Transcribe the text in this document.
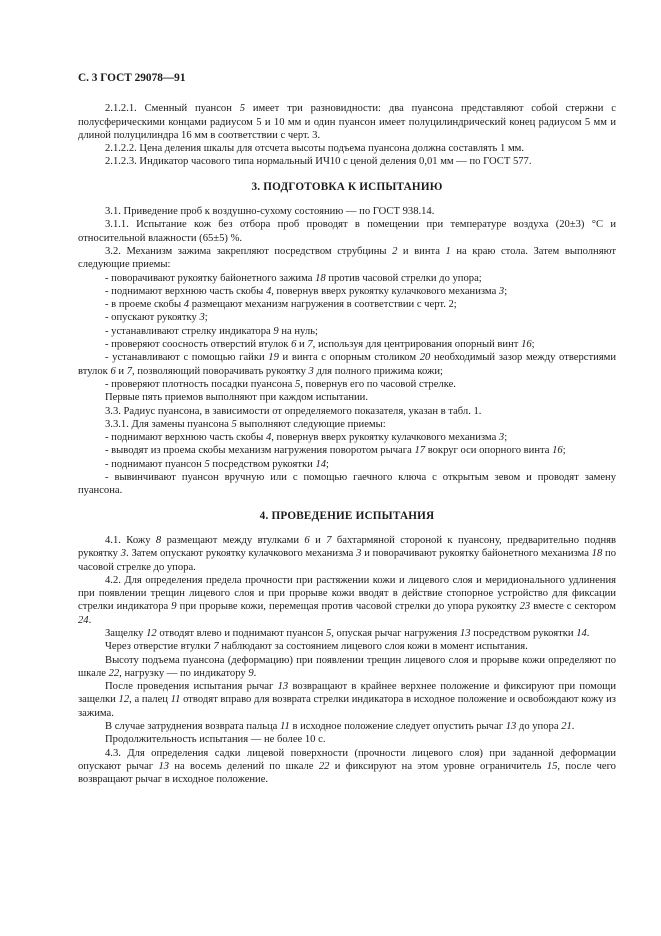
С. 3 ГОСТ 29078—91

2.1.2.1. Сменный пуансон 5 имеет три разновидности: два пуансона представляют собой стержни с полусферическими концами радиусом 5 и 10 мм и один пуансон имеет полуцилиндрический конец радиусом 5 мм и длиной полуцилиндра 16 мм в соответствии с черт. 3.

2.1.2.2. Цена деления шкалы для отсчета высоты подъема пуансона должна составлять 1 мм.

2.1.2.3. Индикатор часового типа нормальный ИЧ10 с ценой деления 0,01 мм — по ГОСТ 577.

3. ПОДГОТОВКА К ИСПЫТАНИЮ

3.1. Приведение проб к воздушно-сухому состоянию — по ГОСТ 938.14.

3.1.1. Испытание кож без отбора проб проводят в помещении при температуре воздуха (20±3) °С и относительной влажности (65±5) %.

3.2. Механизм зажима закрепляют посредством струбцины 2 и винта 1 на краю стола. Затем выполняют следующие приемы:

- поворачивают рукоятку байонетного зажима 18 против часовой стрелки до упора;

- поднимают верхнюю часть скобы 4, повернув вверх рукоятку кулачкового механизма 3;

- в проеме скобы 4 размещают механизм нагружения в соответствии с черт. 2;

- опускают рукоятку 3;

- устанавливают стрелку индикатора 9 на нуль;

- проверяют соосность отверстий втулок 6 и 7, используя для центрирования опорный винт 16;

- устанавливают с помощью гайки 19 и винта с опорным столиком 20 необходимый зазор между отверстиями втулок 6 и 7, позволяющий поворачивать рукоятку 3 для полного прижима кожи;

- проверяют плотность посадки пуансона 5, повернув его по часовой стрелке.

Первые пять приемов выполняют при каждом испытании.

3.3. Радиус пуансона, в зависимости от определяемого показателя, указан в табл. 1.

3.3.1. Для замены пуансона 5 выполняют следующие приемы:

- поднимают верхнюю часть скобы 4, повернув вверх рукоятку кулачкового механизма 3;

- выводят из проема скобы механизм нагружения поворотом рычага 17 вокруг оси опорного винта 16;

- поднимают пуансон 5 посредством рукоятки 14;

- вывинчивают пуансон вручную или с помощью гаечного ключа с открытым зевом и проводят замену пуансона.

4. ПРОВЕДЕНИЕ ИСПЫТАНИЯ

4.1. Кожу 8 размещают между втулками 6 и 7 бахтармяной стороной к пуансону, предварительно подняв рукоятку 3. Затем опускают рукоятку кулачкового механизма 3 и поворачивают рукоятку байонетного механизма 18 по часовой стрелке до упора.

4.2. Для определения предела прочности при растяжении кожи и лицевого слоя и меридионального удлинения при появлении трещин лицевого слоя и при прорыве кожи вводят в действие стопорное устройство для фиксации стрелки индикатора 9 при прорыве кожи, перемещая против часовой стрелки до упора рукоятку 23 вместе с сектором 24.

Защелку 12 отводят влево и поднимают пуансон 5, опуская рычаг нагружения 13 посредством рукоятки 14.

Через отверстие втулки 7 наблюдают за состоянием лицевого слоя кожи в момент испытания.

Высоту подъема пуансона (деформацию) при появлении трещин лицевого слоя и прорыве кожи определяют по шкале 22, нагрузку — по индикатору 9.

После проведения испытания рычаг 13 возвращают в крайнее верхнее положение и фиксируют при помощи защелки 12, а палец 11 отводят вправо для возврата стрелки индикатора в исходное положение и освобождают кожу из зажима.

В случае затруднения возврата пальца 11 в исходное положение следует опустить рычаг 13 до упора 21.

Продолжительность испытания — не более 10 с.

4.3. Для определения садки лицевой поверхности (прочности лицевого слоя) при заданной деформации опускают рычаг 13 на восемь делений по шкале 22 и фиксируют на этом уровне ограничитель 15, после чего возвращают рычаг в исходное положение.
